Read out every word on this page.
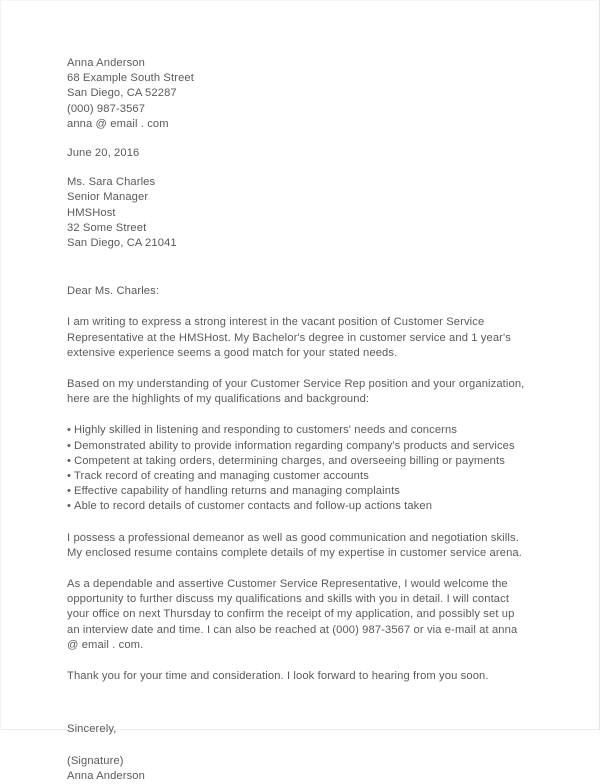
Anna Anderson
68 Example South Street
San Diego, CA 52287
(000) 987-3567
anna @ email . com
June 20, 2016
Ms. Sara Charles
Senior Manager
HMSHost
32 Some Street
San Diego, CA 21041
Dear Ms. Charles:

I am writing to express a strong interest in the vacant position of Customer Service Representative at the HMSHost. My Bachelor's degree in customer service and 1 year's extensive experience seems a good match for your stated needs.

Based on my understanding of your Customer Service Rep position and your organization, here are the highlights of my qualifications and background:

• Highly skilled in listening and responding to customers' needs and concerns
• Demonstrated ability to provide information regarding company's products and services
• Competent at taking orders, determining charges, and overseeing billing or payments
• Track record of creating and managing customer accounts
• Effective capability of handling returns and managing complaints
• Able to record details of customer contacts and follow-up actions taken

I possess a professional demeanor as well as good communication and negotiation skills. My enclosed resume contains complete details of my expertise in customer service arena.

As a dependable and assertive Customer Service Representative, I would welcome the opportunity to further discuss my qualifications and skills with you in detail. I will contact your office on next Thursday to confirm the receipt of my application, and possibly set up an interview date and time. I can also be reached at (000) 987-3567 or via e-mail at anna @ email . com.

Thank you for your time and consideration. I look forward to hearing from you soon.

Sincerely,
(Signature)
Anna Anderson
